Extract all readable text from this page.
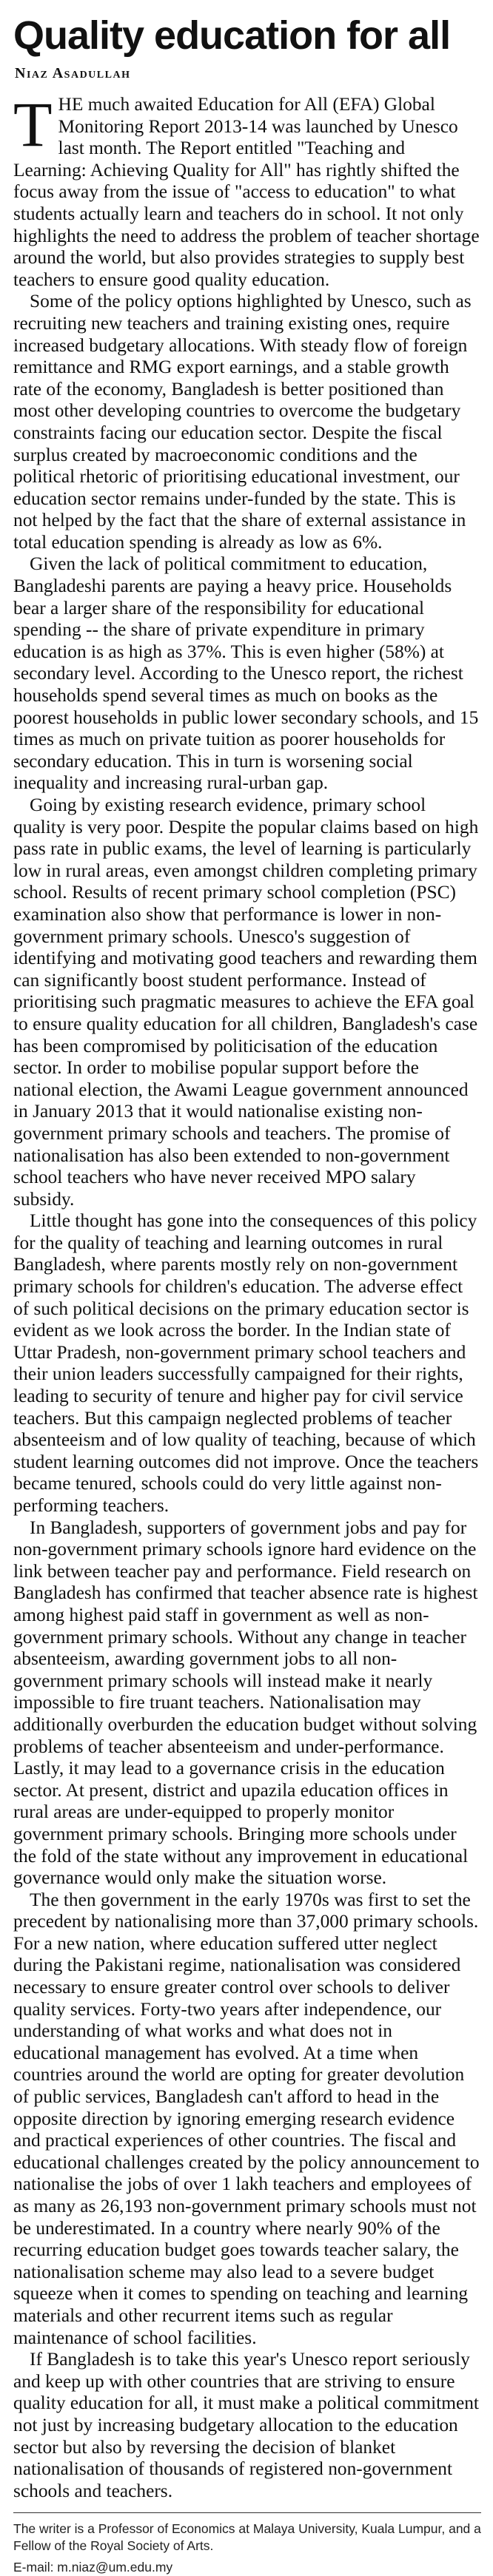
Quality education for all
Niaz Asadullah

THE much awaited Education for All (EFA) Global Monitoring Report 2013-14 was launched by Unesco last month. The Report entitled "Teaching and Learning: Achieving Quality for All" has rightly shifted the focus away from the issue of "access to education" to what students actually learn and teachers do in school. It not only highlights the need to address the problem of teacher shortage around the world, but also provides strategies to supply best teachers to ensure good quality education.

Some of the policy options highlighted by Unesco, such as recruiting new teachers and training existing ones, require increased budgetary allocations. With steady flow of foreign remittance and RMG export earnings, and a stable growth rate of the economy, Bangladesh is better positioned than most other developing countries to overcome the budgetary constraints facing our education sector. Despite the fiscal surplus created by macroeconomic conditions and the political rhetoric of prioritising educational investment, our education sector remains under-funded by the state. This is not helped by the fact that the share of external assistance in total education spending is already as low as 6%.

Given the lack of political commitment to education, Bangladeshi parents are paying a heavy price. Households bear a larger share of the responsibility for educational spending -- the share of private expenditure in primary education is as high as 37%. This is even higher (58%) at secondary level. According to the Unesco report, the richest households spend several times as much on books as the poorest households in public lower secondary schools, and 15 times as much on private tuition as poorer households for secondary education. This in turn is worsening social inequality and increasing rural-urban gap.

Going by existing research evidence, primary school quality is very poor. Despite the popular claims based on high pass rate in public exams, the level of learning is particularly low in rural areas, even amongst children completing primary school. Results of recent primary school completion (PSC) examination also show that performance is lower in non-government primary schools. Unesco's suggestion of identifying and motivating good teachers and rewarding them can significantly boost student performance. Instead of prioritising such pragmatic measures to achieve the EFA goal to ensure quality education for all children, Bangladesh's case has been compromised by politicisation of the education sector. In order to mobilise popular support before the national election, the Awami League government announced in January 2013 that it would nationalise existing non-government primary schools and teachers. The promise of nationalisation has also been extended to non-government school teachers who have never received MPO salary subsidy.

Little thought has gone into the consequences of this policy for the quality of teaching and learning outcomes in rural Bangladesh, where parents mostly rely on non-government primary schools for children's education. The adverse effect of such political decisions on the primary education sector is evident as we look across the border. In the Indian state of Uttar Pradesh, non-government primary school teachers and their union leaders successfully campaigned for their rights, leading to security of tenure and higher pay for civil service teachers. But this campaign neglected problems of teacher absenteeism and of low quality of teaching, because of which student learning outcomes did not improve. Once the teachers became tenured, schools could do very little against non-performing teachers.

In Bangladesh, supporters of government jobs and pay for non-government primary schools ignore hard evidence on the link between teacher pay and performance. Field research on Bangladesh has confirmed that teacher absence rate is highest among highest paid staff in government as well as non-government primary schools. Without any change in teacher absenteeism, awarding government jobs to all non-government primary schools will instead make it nearly impossible to fire truant teachers. Nationalisation may additionally overburden the education budget without solving problems of teacher absenteeism and under-performance. Lastly, it may lead to a governance crisis in the education sector. At present, district and upazila education offices in rural areas are under-equipped to properly monitor government primary schools. Bringing more schools under the fold of the state without any improvement in educational governance would only make the situation worse.

The then government in the early 1970s was first to set the precedent by nationalising more than 37,000 primary schools. For a new nation, where education suffered utter neglect during the Pakistani regime, nationalisation was considered necessary to ensure greater control over schools to deliver quality services. Forty-two years after independence, our understanding of what works and what does not in educational management has evolved. At a time when countries around the world are opting for greater devolution of public services, Bangladesh can't afford to head in the opposite direction by ignoring emerging research evidence and practical experiences of other countries. The fiscal and educational challenges created by the policy announcement to nationalise the jobs of over 1 lakh teachers and employees of as many as 26,193 non-government primary schools must not be underestimated. In a country where nearly 90% of the recurring education budget goes towards teacher salary, the nationalisation scheme may also lead to a severe budget squeeze when it comes to spending on teaching and learning materials and other recurrent items such as regular maintenance of school facilities.

If Bangladesh is to take this year's Unesco report seriously and keep up with other countries that are striving to ensure quality education for all, it must make a political commitment not just by increasing budgetary allocation to the education sector but also by reversing the decision of blanket nationalisation of thousands of registered non-government schools and teachers.

The writer is a Professor of Economics at Malaya University, Kuala Lumpur, and a Fellow of the Royal Society of Arts.
E-mail: m.niaz@um.edu.my
